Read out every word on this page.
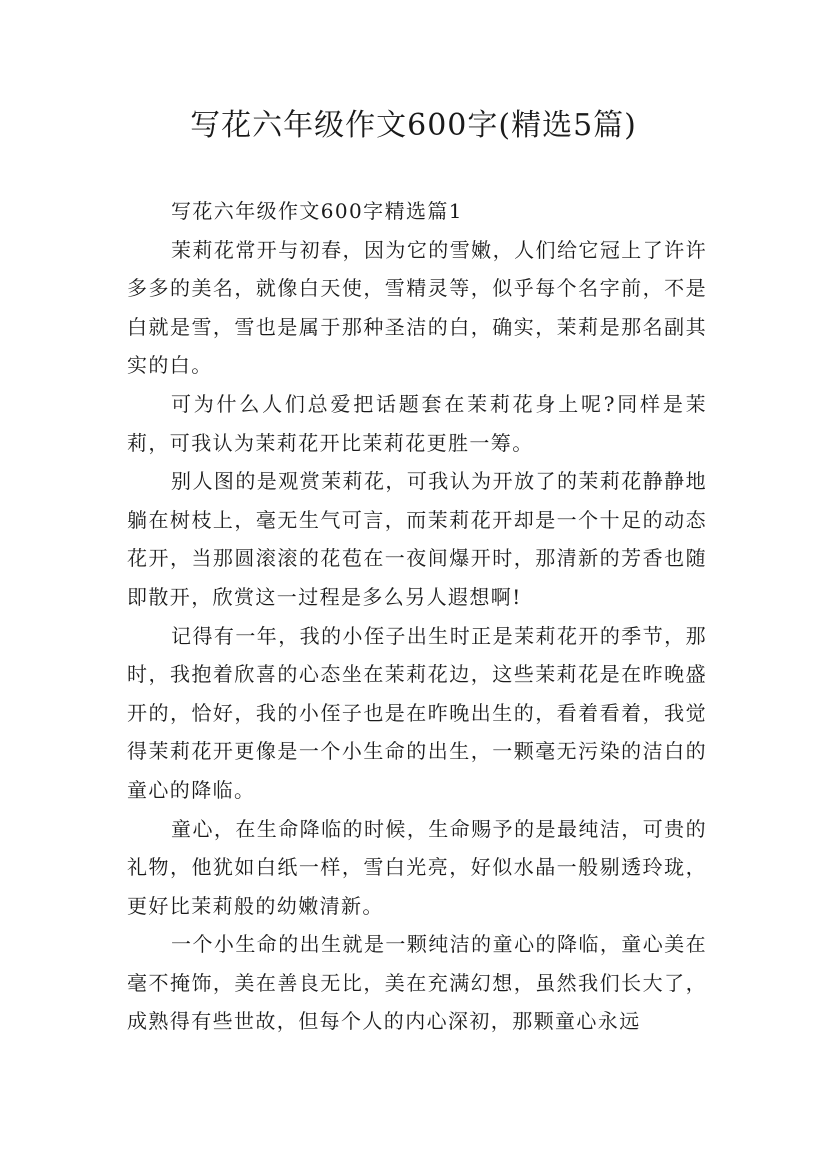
写花六年级作文600字(精选5篇)

写花六年级作文600字精选篇1

茉莉花常开与初春，因为它的雪嫩，人们给它冠上了许许多多的美名，就像白天使，雪精灵等，似乎每个名字前，不是白就是雪，雪也是属于那种圣洁的白，确实，茉莉是那名副其实的白。

可为什么人们总爱把话题套在茉莉花身上呢?同样是茉莉，可我认为茉莉花开比茉莉花更胜一筹。

别人图的是观赏茉莉花，可我认为开放了的茉莉花静静地躺在树枝上，毫无生气可言，而茉莉花开却是一个十足的动态花开，当那圆滚滚的花苞在一夜间爆开时，那清新的芳香也随即散开，欣赏这一过程是多么另人遐想啊!

记得有一年，我的小侄子出生时正是茉莉花开的季节，那时，我抱着欣喜的心态坐在茉莉花边，这些茉莉花是在昨晚盛开的，恰好，我的小侄子也是在昨晚出生的，看着看着，我觉得茉莉花开更像是一个小生命的出生，一颗毫无污染的洁白的童心的降临。

童心，在生命降临的时候，生命赐予的是最纯洁，可贵的礼物，他犹如白纸一样，雪白光亮，好似水晶一般剔透玲珑，更好比茉莉般的幼嫩清新。

一个小生命的出生就是一颗纯洁的童心的降临，童心美在毫不掩饰，美在善良无比，美在充满幻想，虽然我们长大了，成熟得有些世故，但每个人的内心深初，那颗童心永远
